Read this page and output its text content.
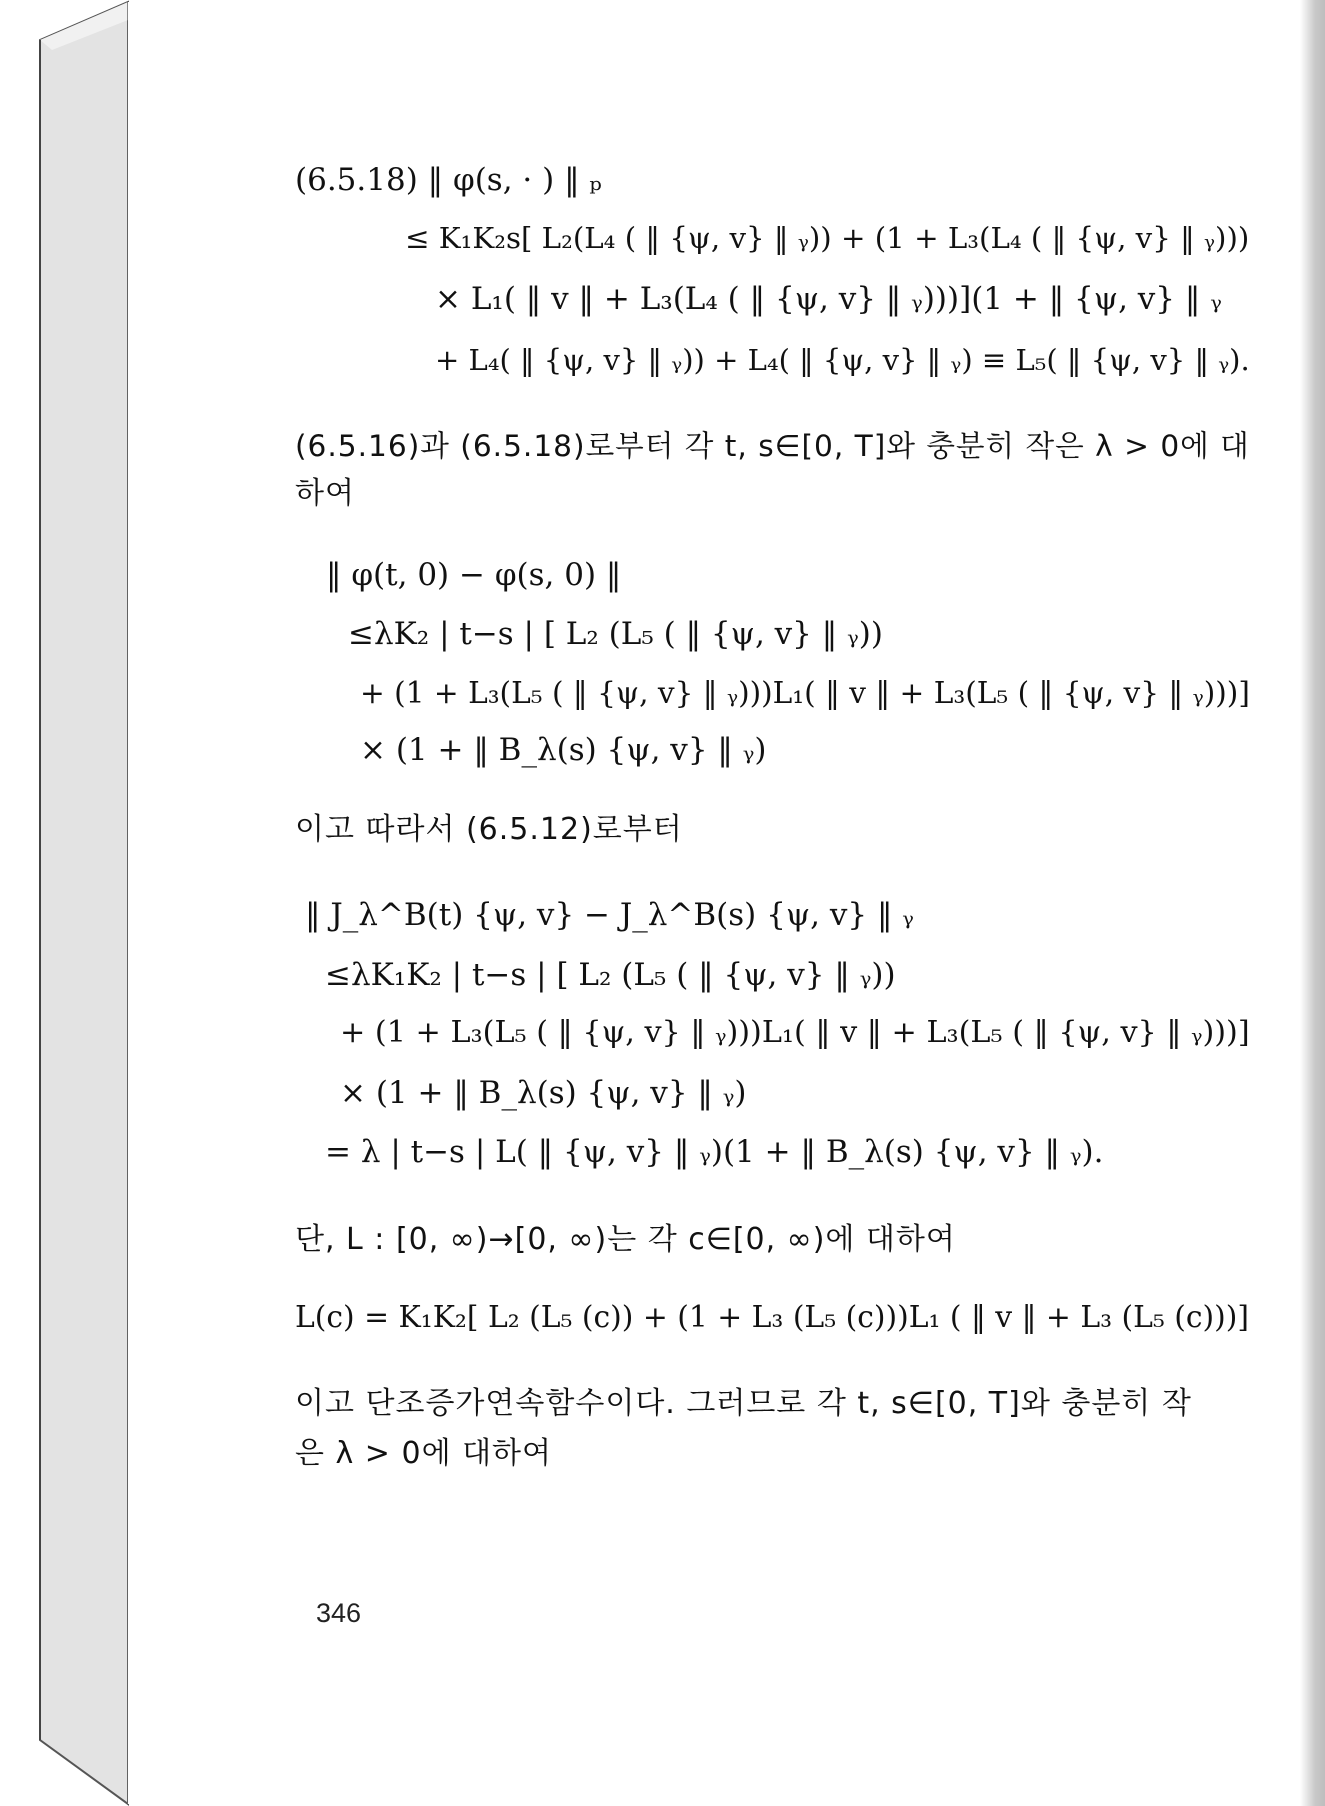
(6.5.18) ‖ φ(s, · ) ‖ ₚ
≤ K₁K₂s[ L₂(L₄ ( ‖ {ψ, v} ‖ ᵧ)) + (1 + L₃(L₄ ( ‖ {ψ, v} ‖ ᵧ)))
× L₁( ‖ v ‖ + L₃(L₄ ( ‖ {ψ, v} ‖ ᵧ)))](1 + ‖ {ψ, v} ‖ ᵧ
+ L₄( ‖ {ψ, v} ‖ ᵧ)) + L₄( ‖ {ψ, v} ‖ ᵧ) ≡ L₅( ‖ {ψ, v} ‖ ᵧ).
(6.5.16)과 (6.5.18)로부터 각 t, s∈[0, T]와 충분히 작은 λ > 0에 대
하여
‖ φ(t, 0) − φ(s, 0) ‖
≤λK₂ | t−s | [ L₂ (L₅ ( ‖ {ψ, v} ‖ ᵧ))
+ (1 + L₃(L₅ ( ‖ {ψ, v} ‖ ᵧ)))L₁( ‖ v ‖ + L₃(L₅ ( ‖ {ψ, v} ‖ ᵧ)))]
× (1 + ‖ B_λ(s) {ψ, v} ‖ ᵧ)
이고 따라서 (6.5.12)로부터
‖ J_λ^B(t) {ψ, v} − J_λ^B(s) {ψ, v} ‖ ᵧ
≤λK₁K₂ | t−s | [ L₂ (L₅ ( ‖ {ψ, v} ‖ ᵧ))
+ (1 + L₃(L₅ ( ‖ {ψ, v} ‖ ᵧ)))L₁( ‖ v ‖ + L₃(L₅ ( ‖ {ψ, v} ‖ ᵧ)))]
× (1 + ‖ B_λ(s) {ψ, v} ‖ ᵧ)
= λ | t−s | L( ‖ {ψ, v} ‖ ᵧ)(1 + ‖ B_λ(s) {ψ, v} ‖ ᵧ).
단, L : [0, ∞)→[0, ∞)는 각 c∈[0, ∞)에 대하여
L(c) = K₁K₂[ L₂ (L₅ (c)) + (1 + L₃ (L₅ (c)))L₁ ( ‖ v ‖ + L₃ (L₅ (c)))]
이고 단조증가연속함수이다. 그러므로 각 t, s∈[0, T]와 충분히 작
은 λ > 0에 대하여
346
